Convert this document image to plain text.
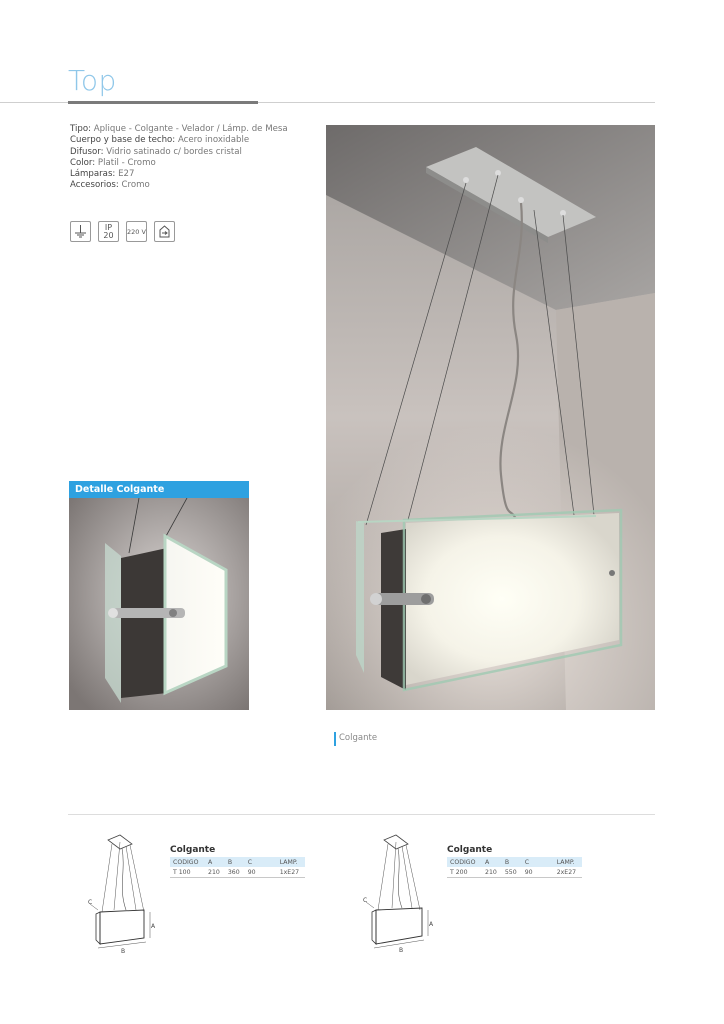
Top
Tipo: Aplique - Colgante - Velador / Lámp. de Mesa
Cuerpo y base de techo: Acero inoxidable
Difusor: Vidrio satinado c/ bordes cristal
Color: Platil - Cromo
Lámparas: E27
Accesorios: Cromo
IP
20 220 V
Detalle Colgante
Colgante
A
B
C
Colgante
CODIGO	A	B	C	LAMP.
T 100	210	360	90	1xE27
A
B
C
Colgante
CODIGO	A	B	C	LAMP.
T 200	210	550	90	2xE27
